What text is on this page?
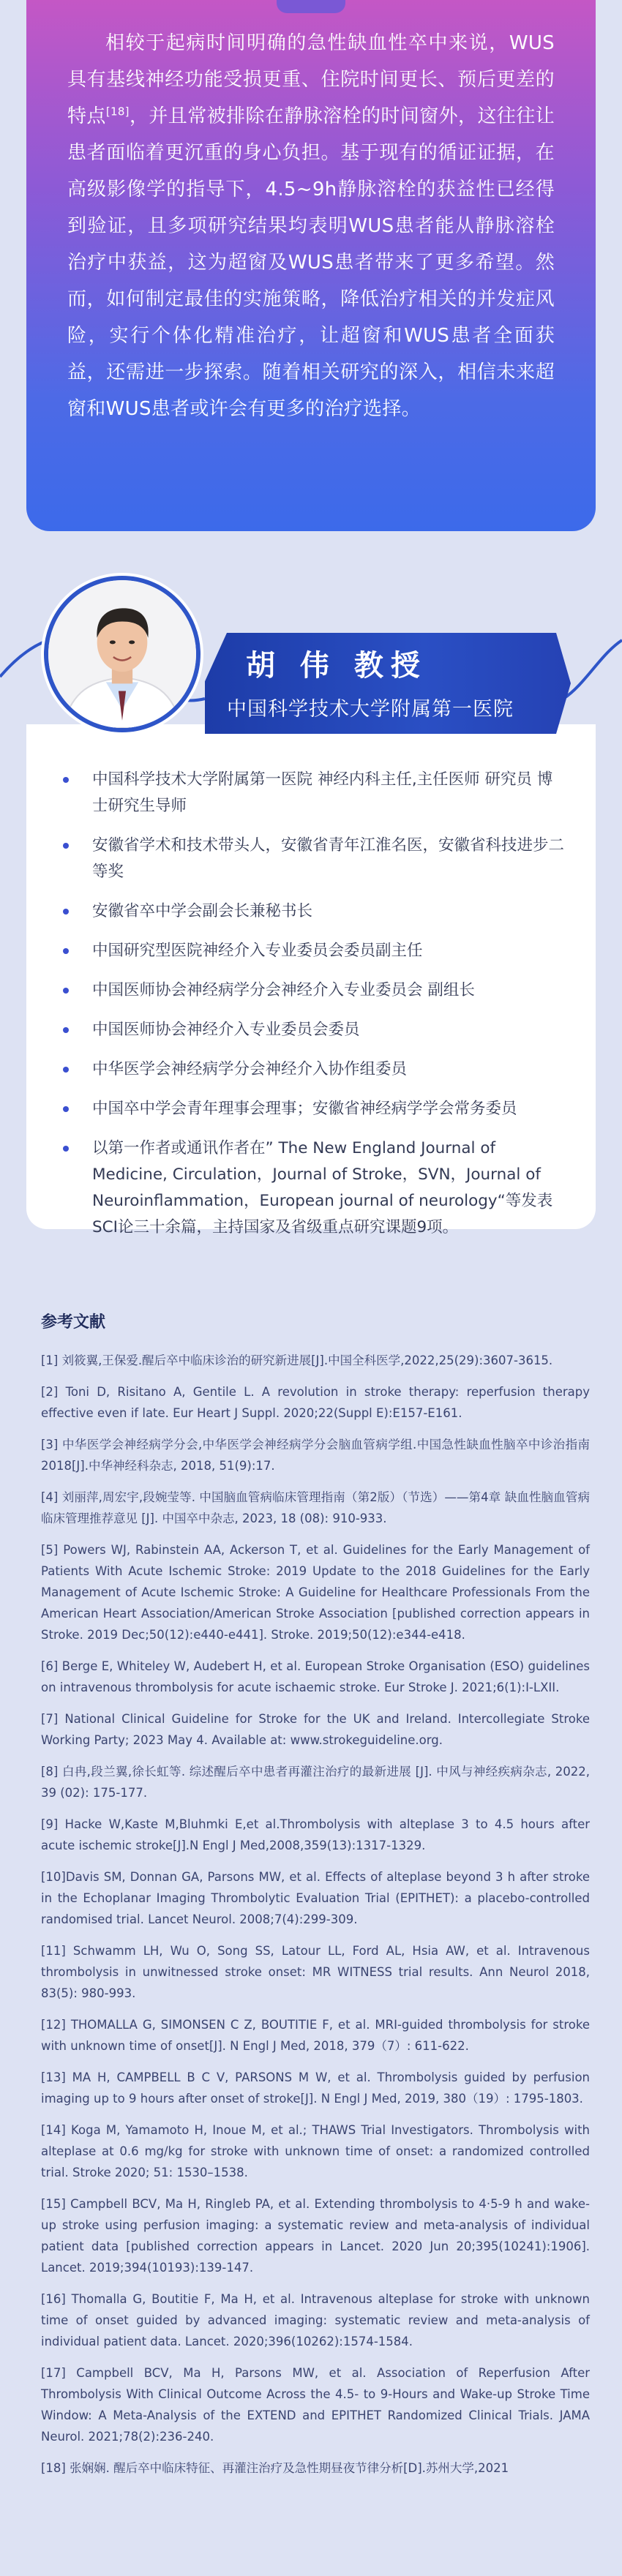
相较于起病时间明确的急性缺血性卒中来说，WUS具有基线神经功能受损更重、住院时间更长、预后更差的特点[18]，并且常被排除在静脉溶栓的时间窗外，这往往让患者面临着更沉重的身心负担。基于现有的循证证据，在高级影像学的指导下，4.5~9h静脉溶栓的获益性已经得到验证，且多项研究结果均表明WUS患者能从静脉溶栓治疗中获益，这为超窗及WUS患者带来了更多希望。然而，如何制定最佳的实施策略，降低治疗相关的并发症风险，实行个体化精准治疗，让超窗和WUS患者全面获益，还需进一步探索。随着相关研究的深入，相信未来超窗和WUS患者或许会有更多的治疗选择。

胡 伟 教授
中国科学技术大学附属第一医院
中国科学技术大学附属第一医院 神经内科主任,主任医师 研究员 博士研究生导师
安徽省学术和技术带头人，安徽省青年江淮名医，安徽省科技进步二等奖
安徽省卒中学会副会长兼秘书长
中国研究型医院神经介入专业委员会委员副主任
中国医师协会神经病学分会神经介入专业委员会 副组长
中国医师协会神经介入专业委员会委员
中华医学会神经病学分会神经介入协作组委员
中国卒中学会青年理事会理事；安徽省神经病学学会常务委员
以第一作者或通讯作者在” The New England Journal of Medicine, Circulation，Journal of Stroke，SVN，Journal of Neuroinflammation，European journal of neurology“等发表SCI论三十余篇，主持国家及省级重点研究课题9项。
参考文献
[1] 刘筱翼,王保爱.醒后卒中临床诊治的研究新进展[J].中国全科医学,2022,25(29):3607-3615.
[2] Toni D, Risitano A, Gentile L. A revolution in stroke therapy: reperfusion therapy effective even if late. Eur Heart J Suppl. 2020;22(Suppl E):E157-E161.
[3] 中华医学会神经病学分会,中华医学会神经病学分会脑血管病学组.中国急性缺血性脑卒中诊治指南2018[J].中华神经科杂志, 2018, 51(9):17.
[4] 刘丽萍,周宏宇,段婉莹等. 中国脑血管病临床管理指南（第2版）（节选）——第4章 缺血性脑血管病临床管理推荐意见 [J]. 中国卒中杂志, 2023, 18 (08): 910-933.
[5] Powers WJ, Rabinstein AA, Ackerson T, et al. Guidelines for the Early Management of Patients With Acute Ischemic Stroke: 2019 Update to the 2018 Guidelines for the Early Management of Acute Ischemic Stroke: A Guideline for Healthcare Professionals From the American Heart Association/American Stroke Association [published correction appears in Stroke. 2019 Dec;50(12):e440-e441]. Stroke. 2019;50(12):e344-e418.
[6] Berge E, Whiteley W, Audebert H, et al. European Stroke Organisation (ESO) guidelines on intravenous thrombolysis for acute ischaemic stroke. Eur Stroke J. 2021;6(1):I-LXII.
[7] National Clinical Guideline for Stroke for the UK and Ireland. Intercollegiate Stroke Working Party; 2023 May 4. Available at: www.strokeguideline.org.
[8] 白冉,段兰翼,徐长虹等. 综述醒后卒中患者再灌注治疗的最新进展 [J]. 中风与神经疾病杂志, 2022, 39 (02): 175-177.
[9] Hacke W,Kaste M,Bluhmki E,et al.Thrombolysis with alteplase 3 to 4.5 hours after acute ischemic stroke[J].N Engl J Med,2008,359(13):1317-1329.
[10]Davis SM, Donnan GA, Parsons MW, et al. Effects of alteplase beyond 3 h after stroke in the Echoplanar Imaging Thrombolytic Evaluation Trial (EPITHET): a placebo-controlled randomised trial. Lancet Neurol. 2008;7(4):299-309.
[11] Schwamm LH, Wu O, Song SS, Latour LL, Ford AL, Hsia AW, et al. Intravenous thrombolysis in unwitnessed stroke onset: MR WITNESS trial results. Ann Neurol 2018, 83(5): 980-993.
[12] THOMALLA G, SIMONSEN C Z, BOUTITIE F, et al. MRI-guided thrombolysis for stroke with unknown time of onset[J]. N Engl J Med, 2018, 379（7）: 611-622.
[13] MA H, CAMPBELL B C V, PARSONS M W, et al. Thrombolysis guided by perfusion imaging up to 9 hours after onset of stroke[J]. N Engl J Med, 2019, 380（19）: 1795-1803.
[14] Koga M, Yamamoto H, Inoue M, et al.; THAWS Trial Investigators. Thrombolysis with alteplase at 0.6 mg/kg for stroke with unknown time of onset: a randomized controlled trial. Stroke 2020; 51: 1530–1538.
[15] Campbell BCV, Ma H, Ringleb PA, et al. Extending thrombolysis to 4·5-9 h and wake-up stroke using perfusion imaging: a systematic review and meta-analysis of individual patient data [published correction appears in Lancet. 2020 Jun 20;395(10241):1906]. Lancet. 2019;394(10193):139-147.
[16] Thomalla G, Boutitie F, Ma H, et al. Intravenous alteplase for stroke with unknown time of onset guided by advanced imaging: systematic review and meta-analysis of individual patient data. Lancet. 2020;396(10262):1574-1584.
[17] Campbell BCV, Ma H, Parsons MW, et al. Association of Reperfusion After Thrombolysis With Clinical Outcome Across the 4.5- to 9-Hours and Wake-up Stroke Time Window: A Meta-Analysis of the EXTEND and EPITHET Randomized Clinical Trials. JAMA Neurol. 2021;78(2):236-240.
[18] 张娴娴. 醒后卒中临床特征、再灌注治疗及急性期昼夜节律分析[D].苏州大学,2021
